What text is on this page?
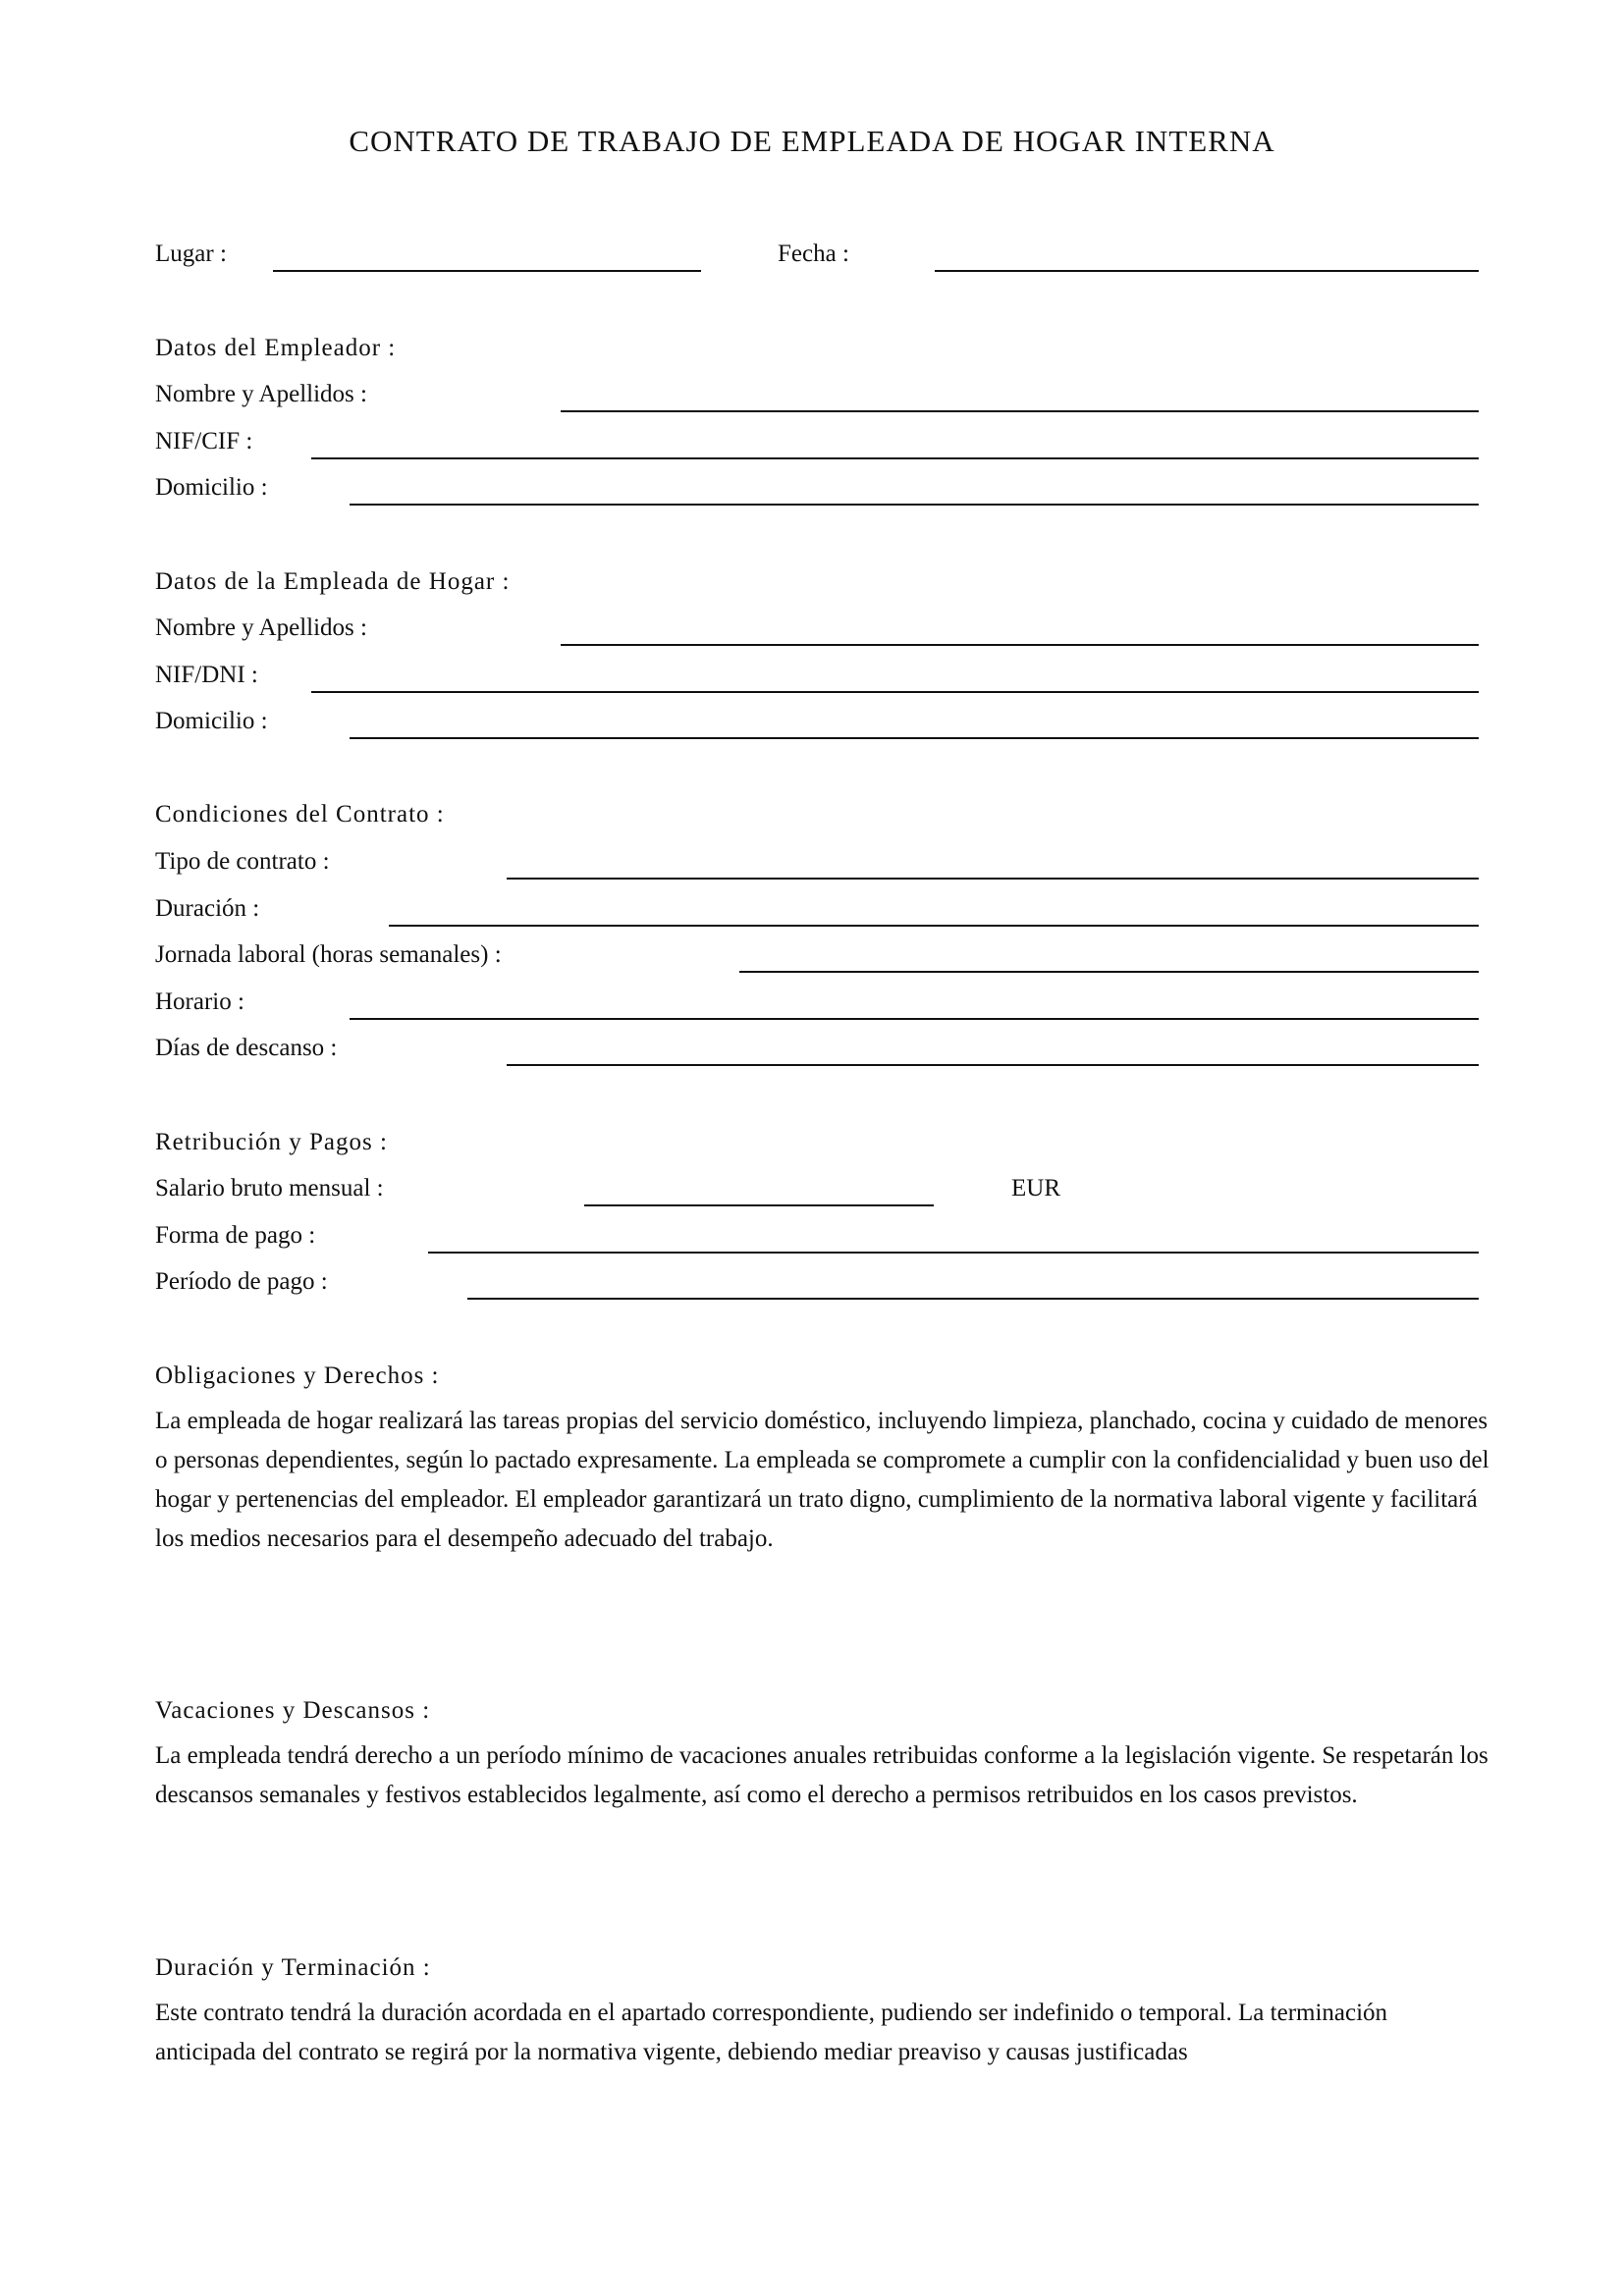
CONTRATO DE TRABAJO DE EMPLEADA DE HOGAR INTERNA
Lugar :	Fecha :
Datos del Empleador :
Nombre y Apellidos :
NIF/CIF :
Domicilio :
Datos de la Empleada de Hogar :
Nombre y Apellidos :
NIF/DNI :
Domicilio :
Condiciones del Contrato :
Tipo de contrato :
Duración :
Jornada laboral (horas semanales) :
Horario :
Días de descanso :
Retribución y Pagos :
Salario bruto mensual :	EUR
Forma de pago :
Período de pago :
Obligaciones y Derechos :
La empleada de hogar realizará las tareas propias del servicio doméstico, incluyendo limpieza, planchado, cocina y cuidado de menores o personas dependientes, según lo pactado expresamente. La empleada se compromete a cumplir con la confidencialidad y buen uso del hogar y pertenencias del empleador. El empleador garantizará un trato digno, cumplimiento de la normativa laboral vigente y facilitará los medios necesarios para el desempeño adecuado del trabajo.
Vacaciones y Descansos :
La empleada tendrá derecho a un período mínimo de vacaciones anuales retribuidas conforme a la legislación vigente. Se respetarán los descansos semanales y festivos establecidos legalmente, así como el derecho a permisos retribuidos en los casos previstos.
Duración y Terminación :
Este contrato tendrá la duración acordada en el apartado correspondiente, pudiendo ser indefinido o temporal. La terminación anticipada del contrato se regirá por la normativa vigente, debiendo mediar preaviso y causas justificadas
